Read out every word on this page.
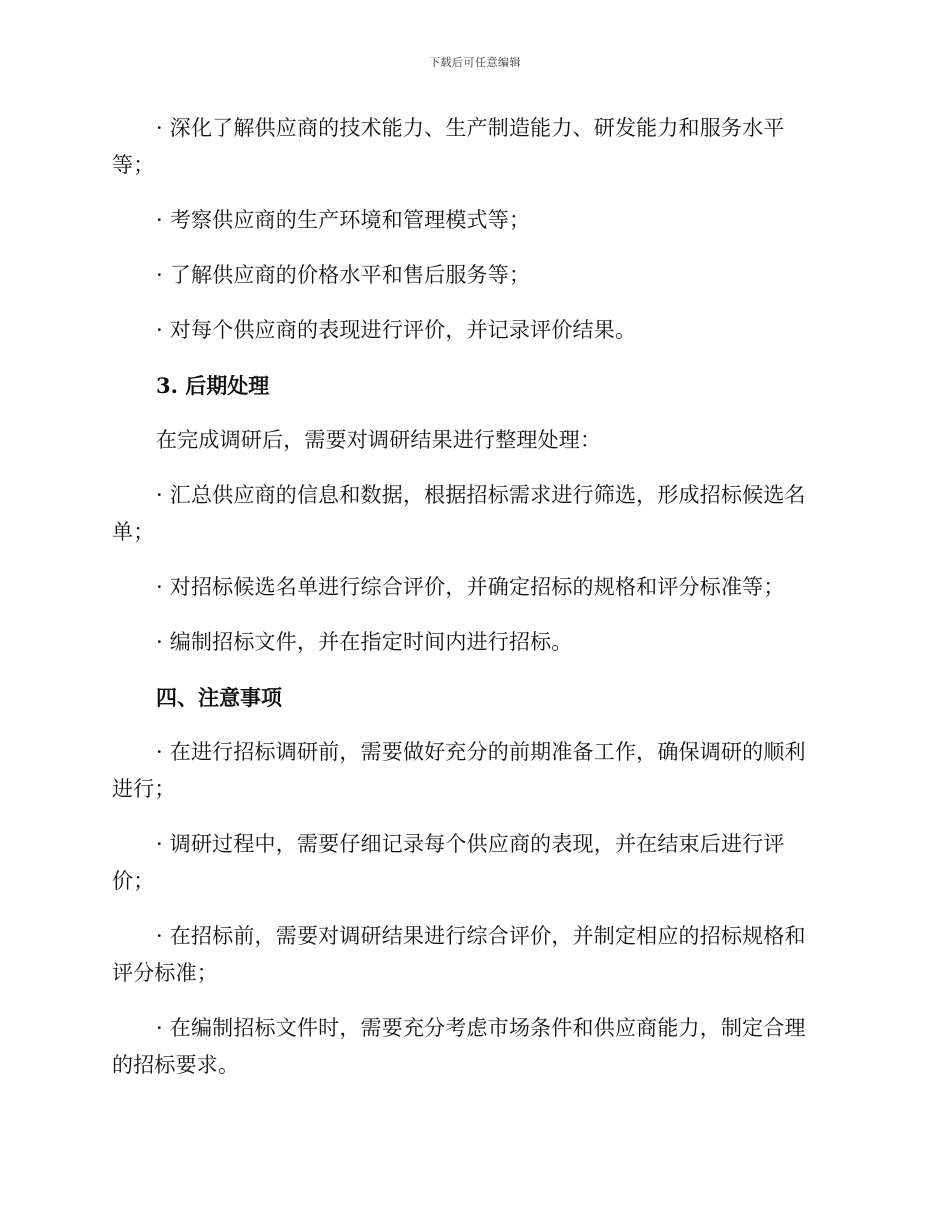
下载后可任意编辑

· 深化了解供应商的技术能力、生产制造能力、研发能力和服务水平等；

· 考察供应商的生产环境和管理模式等；

· 了解供应商的价格水平和售后服务等；

· 对每个供应商的表现进行评价，并记录评价结果。

3. 后期处理

在完成调研后，需要对调研结果进行整理处理：

· 汇总供应商的信息和数据，根据招标需求进行筛选，形成招标候选名单；

· 对招标候选名单进行综合评价，并确定招标的规格和评分标准等；

· 编制招标文件，并在指定时间内进行招标。

四、注意事项

· 在进行招标调研前，需要做好充分的前期准备工作，确保调研的顺利进行；

· 调研过程中，需要仔细记录每个供应商的表现，并在结束后进行评价；

· 在招标前，需要对调研结果进行综合评价，并制定相应的招标规格和评分标准；

· 在编制招标文件时，需要充分考虑市场条件和供应商能力，制定合理的招标要求。
